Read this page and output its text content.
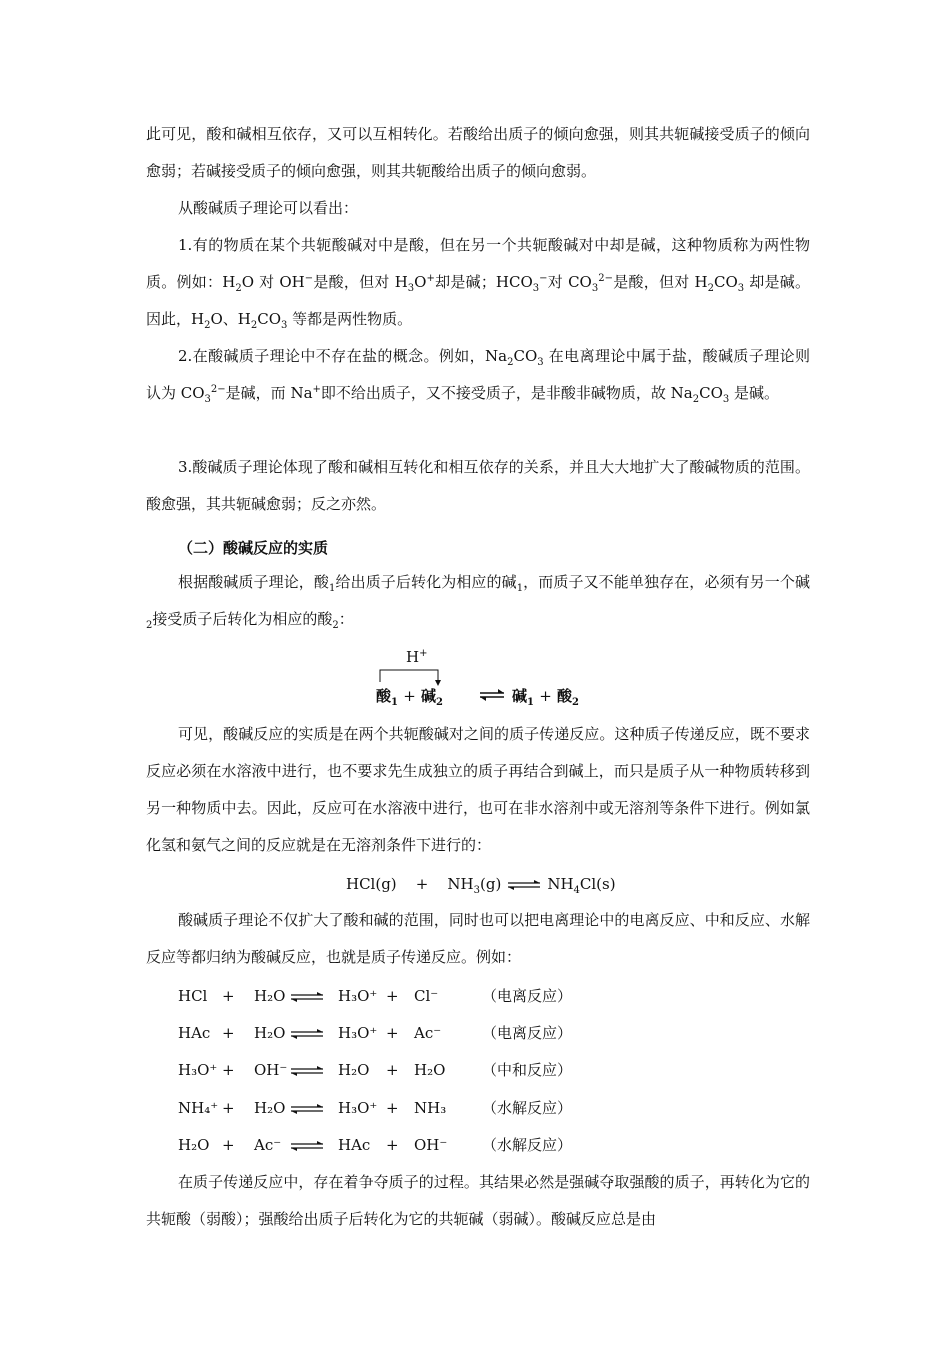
此可见，酸和碱相互依存，又可以互相转化。若酸给出质子的倾向愈强，则其共轭碱接受质子的倾向愈弱；若碱接受质子的倾向愈强，则其共轭酸给出质子的倾向愈弱。
从酸碱质子理论可以看出：
1.有的物质在某个共轭酸碱对中是酸，但在另一个共轭酸碱对中却是碱，这种物质称为两性物质。例如：$H_2O$ 对 OH−是酸，但对 $H_3O^+$却是碱；$HCO_3^-$对 $CO_3^{2-}$是酸，但对 $H_2CO_3$ 却是碱。因此，$H_2O$、$H_2CO_3$ 等都是两性物质。
2.在酸碱质子理论中不存在盐的概念。例如，$Na_2CO_3$ 在电离理论中属于盐，酸碱质子理论则认为 $CO_3^{2-}$是碱，而 Na+即不给出质子，又不接受质子，是非酸非碱物质，故 $Na_2CO_3$ 是碱。
3.酸碱质子理论体现了酸和碱相互转化和相互依存的关系，并且大大地扩大了酸碱物质的范围。酸愈强，其共轭碱愈弱；反之亦然。
（二）酸碱反应的实质
根据酸碱质子理论，酸$_1$给出质子后转化为相应的碱$_1$，而质子又不能单独存在，必须有另一个碱$_2$接受质子后转化为相应的酸$_2$：
H+
酸$_1$ + 碱$_2$	碱$_1$ + 酸$_2$
可见，酸碱反应的实质是在两个共轭酸碱对之间的质子传递反应。这种质子传递反应，既不要求反应必须在水溶液中进行，也不要求先生成独立的质子再结合到碱上，而只是质子从一种物质转移到另一种物质中去。因此，反应可在水溶液中进行，也可在非水溶剂中或无溶剂等条件下进行。例如氯化氢和氨气之间的反应就是在无溶剂条件下进行的：
$HCl(g) + NH_3(g)$ ⇌ $NH_4Cl(s)$
酸碱质子理论不仅扩大了酸和碱的范围，同时也可以把电离理论中的电离反应、中和反应、水解反应等都归纳为酸碱反应，也就是质子传递反应。例如：
HCl + H₂O	H₃O⁺ + Cl⁻	（电离反应）
HAc + H₂O	H₃O⁺ + Ac⁻	（电离反应）
H₃O⁺ + OH⁻	H₂O + H₂O （中和反应）
NH₄⁺ + H₂O	H₃O⁺ + NH₃ （水解反应）
H₂O + Ac⁻	HAc + OH⁻ （水解反应）
在质子传递反应中，存在着争夺质子的过程。其结果必然是强碱夺取强酸的质子，再转化为它的共轭酸（弱酸）；强酸给出质子后转化为它的共轭碱（弱碱）。酸碱反应总是由
